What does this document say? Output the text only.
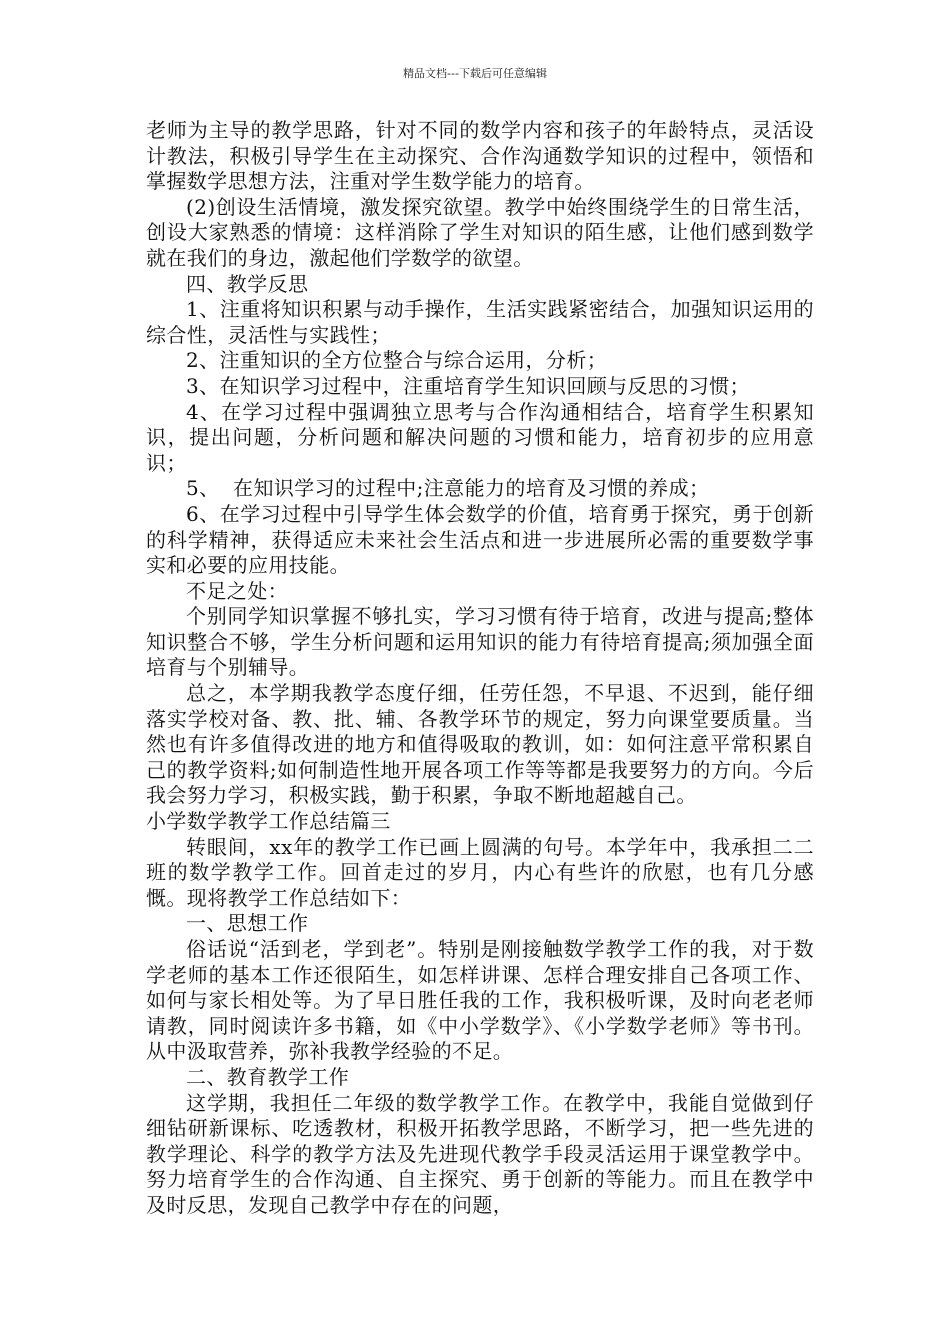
精品文档---下载后可任意编辑

老师为主导的教学思路，针对不同的数学内容和孩子的年龄特点，灵活设计教法，积极引导学生在主动探究、合作沟通数学知识的过程中，领悟和掌握数学思想方法，注重对学生数学能力的培育。

(2)创设生活情境，激发探究欲望。教学中始终围绕学生的日常生活，创设大家熟悉的情境：这样消除了学生对知识的陌生感，让他们感到数学就在我们的身边，激起他们学数学的欲望。

四、教学反思

1、注重将知识积累与动手操作，生活实践紧密结合，加强知识运用的综合性，灵活性与实践性；

2、注重知识的全方位整合与综合运用，分析；

3、在知识学习过程中，注重培育学生知识回顾与反思的习惯；

4、在学习过程中强调独立思考与合作沟通相结合，培育学生积累知识，提出问题，分析问题和解决问题的习惯和能力，培育初步的应用意识；

5、  在知识学习的过程中;注意能力的培育及习惯的养成；

6、在学习过程中引导学生体会数学的价值，培育勇于探究，勇于创新的科学精神，获得适应未来社会生活点和进一步进展所必需的重要数学事实和必要的应用技能。

不足之处：

个别同学知识掌握不够扎实，学习习惯有待于培育，改进与提高;整体知识整合不够，学生分析问题和运用知识的能力有待培育提高;须加强全面培育与个别辅导。

总之，本学期我教学态度仔细，任劳任怨，不早退、不迟到，能仔细落实学校对备、教、批、辅、各教学环节的规定，努力向课堂要质量。当然也有许多值得改进的地方和值得吸取的教训，如：如何注意平常积累自己的教学资料;如何制造性地开展各项工作等等都是我要努力的方向。今后我会努力学习，积极实践，勤于积累，争取不断地超越自己。

小学数学教学工作总结篇三

转眼间，xx年的教学工作已画上圆满的句号。本学年中，我承担二二班的数学教学工作。回首走过的岁月，内心有些许的欣慰，也有几分感慨。现将教学工作总结如下：

一、思想工作

俗话说“活到老，学到老”。特别是刚接触数学教学工作的我，对于数学老师的基本工作还很陌生，如怎样讲课、怎样合理安排自己各项工作、如何与家长相处等。为了早日胜任我的工作，我积极听课，及时向老老师请教，同时阅读许多书籍，如《中小学数学》、《小学数学老师》等书刊。从中汲取营养，弥补我教学经验的不足。

二、教育教学工作

这学期，我担任二年级的数学教学工作。在教学中，我能自觉做到仔细钻研新课标、吃透教材，积极开拓教学思路，不断学习，把一些先进的教学理论、科学的教学方法及先进现代教学手段灵活运用于课堂教学中。努力培育学生的合作沟通、自主探究、勇于创新的等能力。而且在教学中及时反思，发现自己教学中存在的问题，
